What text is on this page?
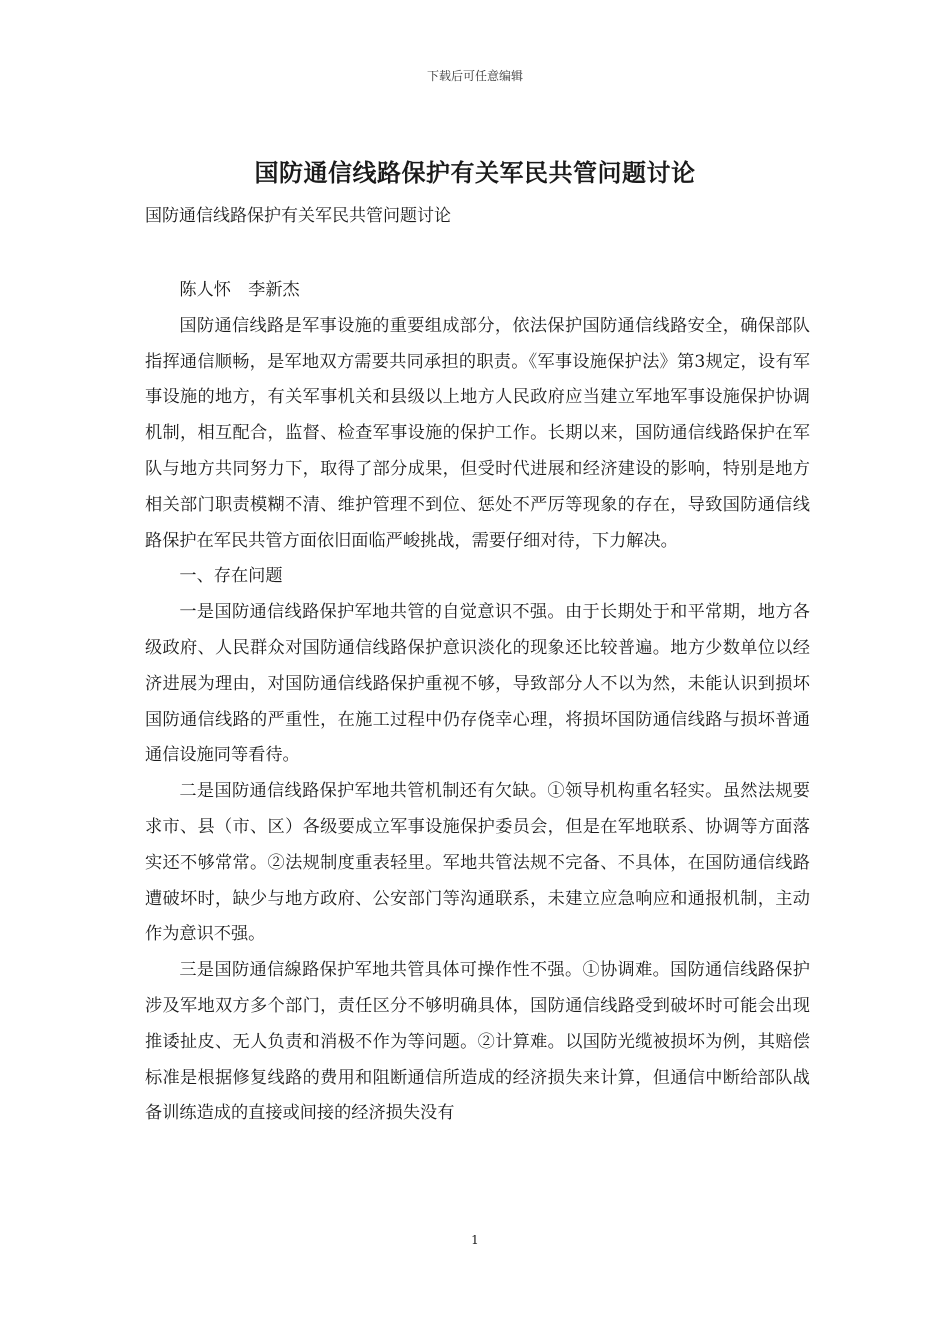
下载后可任意编辑
国防通信线路保护有关军民共管问题讨论
国防通信线路保护有关军民共管问题讨论

陈人怀　李新杰

国防通信线路是军事设施的重要组成部分，依法保护国防通信线路安全，确保部队指挥通信顺畅，是军地双方需要共同承担的职责。《军事设施保护法》第3规定，设有军事设施的地方，有关军事机关和县级以上地方人民政府应当建立军地军事设施保护协调机制，相互配合，监督、检查军事设施的保护工作。长期以来，国防通信线路保护在军队与地方共同努力下，取得了部分成果，但受时代进展和经济建设的影响，特别是地方相关部门职责模糊不清、维护管理不到位、惩处不严厉等现象的存在，导致国防通信线路保护在军民共管方面依旧面临严峻挑战，需要仔细对待，下力解决。

一、存在问题

一是国防通信线路保护军地共管的自觉意识不强。由于长期处于和平常期，地方各级政府、人民群众对国防通信线路保护意识淡化的现象还比较普遍。地方少数单位以经济进展为理由，对国防通信线路保护重视不够，导致部分人不以为然，未能认识到损坏国防通信线路的严重性，在施工过程中仍存侥幸心理，将损坏国防通信线路与损坏普通通信设施同等看待。

二是国防通信线路保护军地共管机制还有欠缺。①领导机构重名轻实。虽然法规要求市、县（市、区）各级要成立军事设施保护委员会，但是在军地联系、协调等方面落实还不够常常。②法规制度重表轻里。军地共管法规不完备、不具体，在国防通信线路遭破坏时，缺少与地方政府、公安部门等沟通联系，未建立应急响应和通报机制，主动作为意识不强。

三是国防通信線路保护军地共管具体可操作性不强。①协调难。国防通信线路保护涉及军地双方多个部门，责任区分不够明确具体，国防通信线路受到破坏时可能会出现推诿扯皮、无人负责和消极不作为等问题。②计算难。以国防光缆被损坏为例，其赔偿标准是根据修复线路的费用和阻断通信所造成的经济损失来计算，但通信中断给部队战备训练造成的直接或间接的经济损失没有

1
